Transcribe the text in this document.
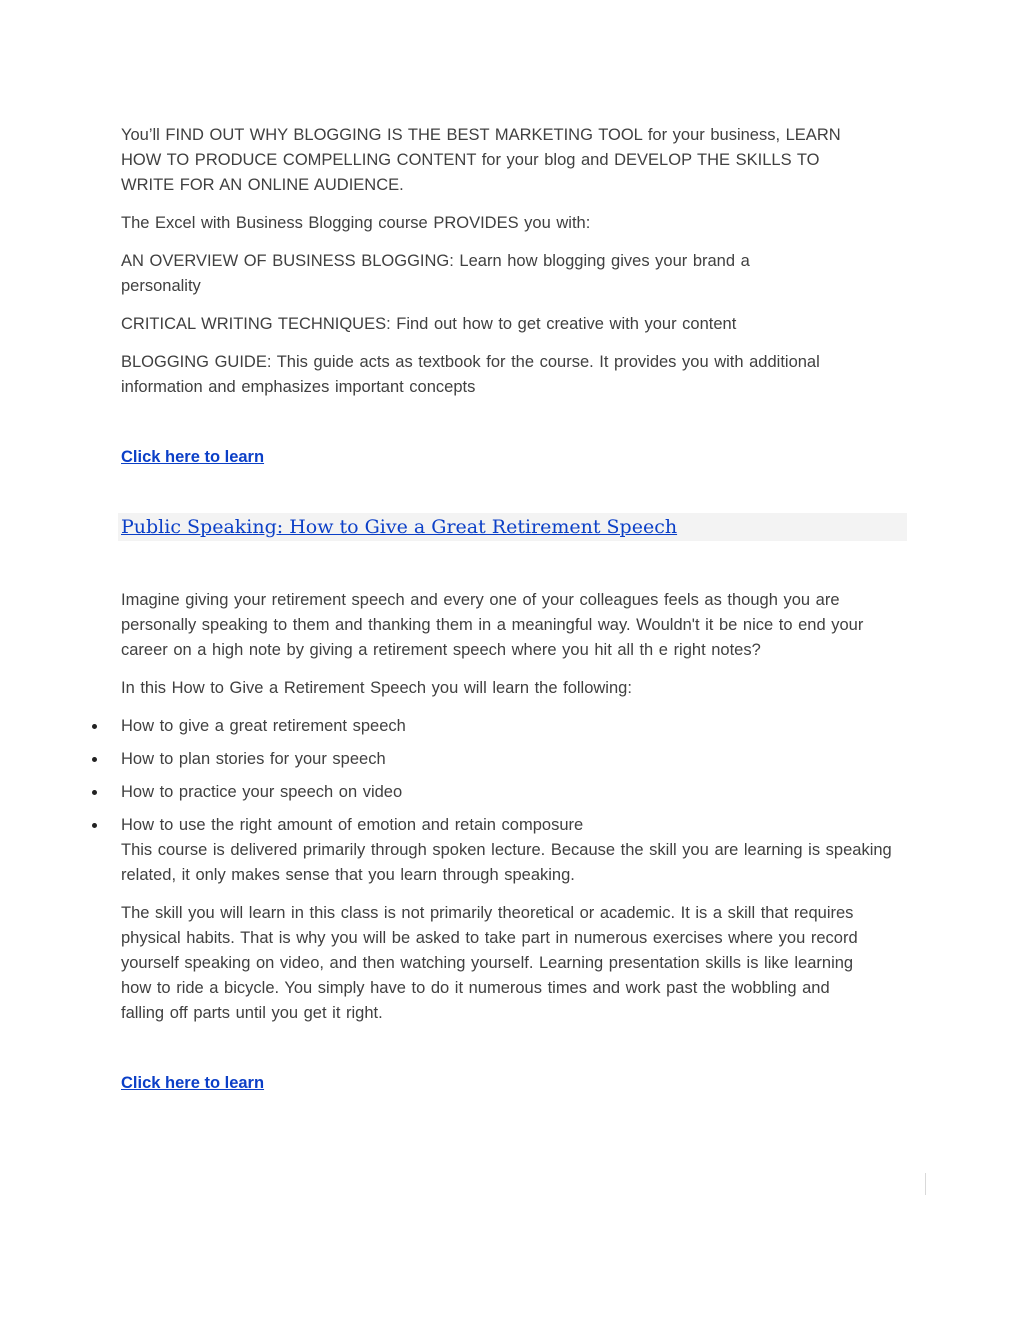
You’ll FIND OUT WHY BLOGGING IS THE BEST MARKETING TOOL for your business, LEARN HOW TO PRODUCE COMPELLING CONTENT for your blog and DEVELOP THE SKILLS TO WRITE FOR AN ONLINE AUDIENCE.

The Excel with Business Blogging course PROVIDES you with:

AN OVERVIEW OF BUSINESS BLOGGING: Learn how blogging gives your brand a personality

CRITICAL WRITING TECHNIQUES: Find out how to get creative with your content

BLOGGING GUIDE: This guide acts as textbook for the course. It provides you with additional information and emphasizes important concepts

Click here to learn
Public Speaking: How to Give a Great Retirement Speech

Imagine giving your retirement speech and every one of your colleagues feels as though you are personally speaking to them and thanking them in a meaningful way. Wouldn't it be nice to end your career on a high note by giving a retirement speech where you hit all th e right notes?

In this How to Give a Retirement Speech you will learn the following:

How to give a great retirement speech
How to plan stories for your speech
How to practice your speech on video
How to use the right amount of emotion and retain composure

This course is delivered primarily through spoken lecture. Because the skill you are learning is speaking related, it only makes sense that you learn through speaking.

The skill you will learn in this class is not primarily theoretical or academic. It is a skill that requires physical habits. That is why you will be asked to take part in numerous exercises where you record yourself speaking on video, and then watching yourself. Learning presentation skills is like learning how to ride a bicycle. You simply have to do it numerous times and work past the wobbling and falling off parts until you get it right.

Click here to learn
